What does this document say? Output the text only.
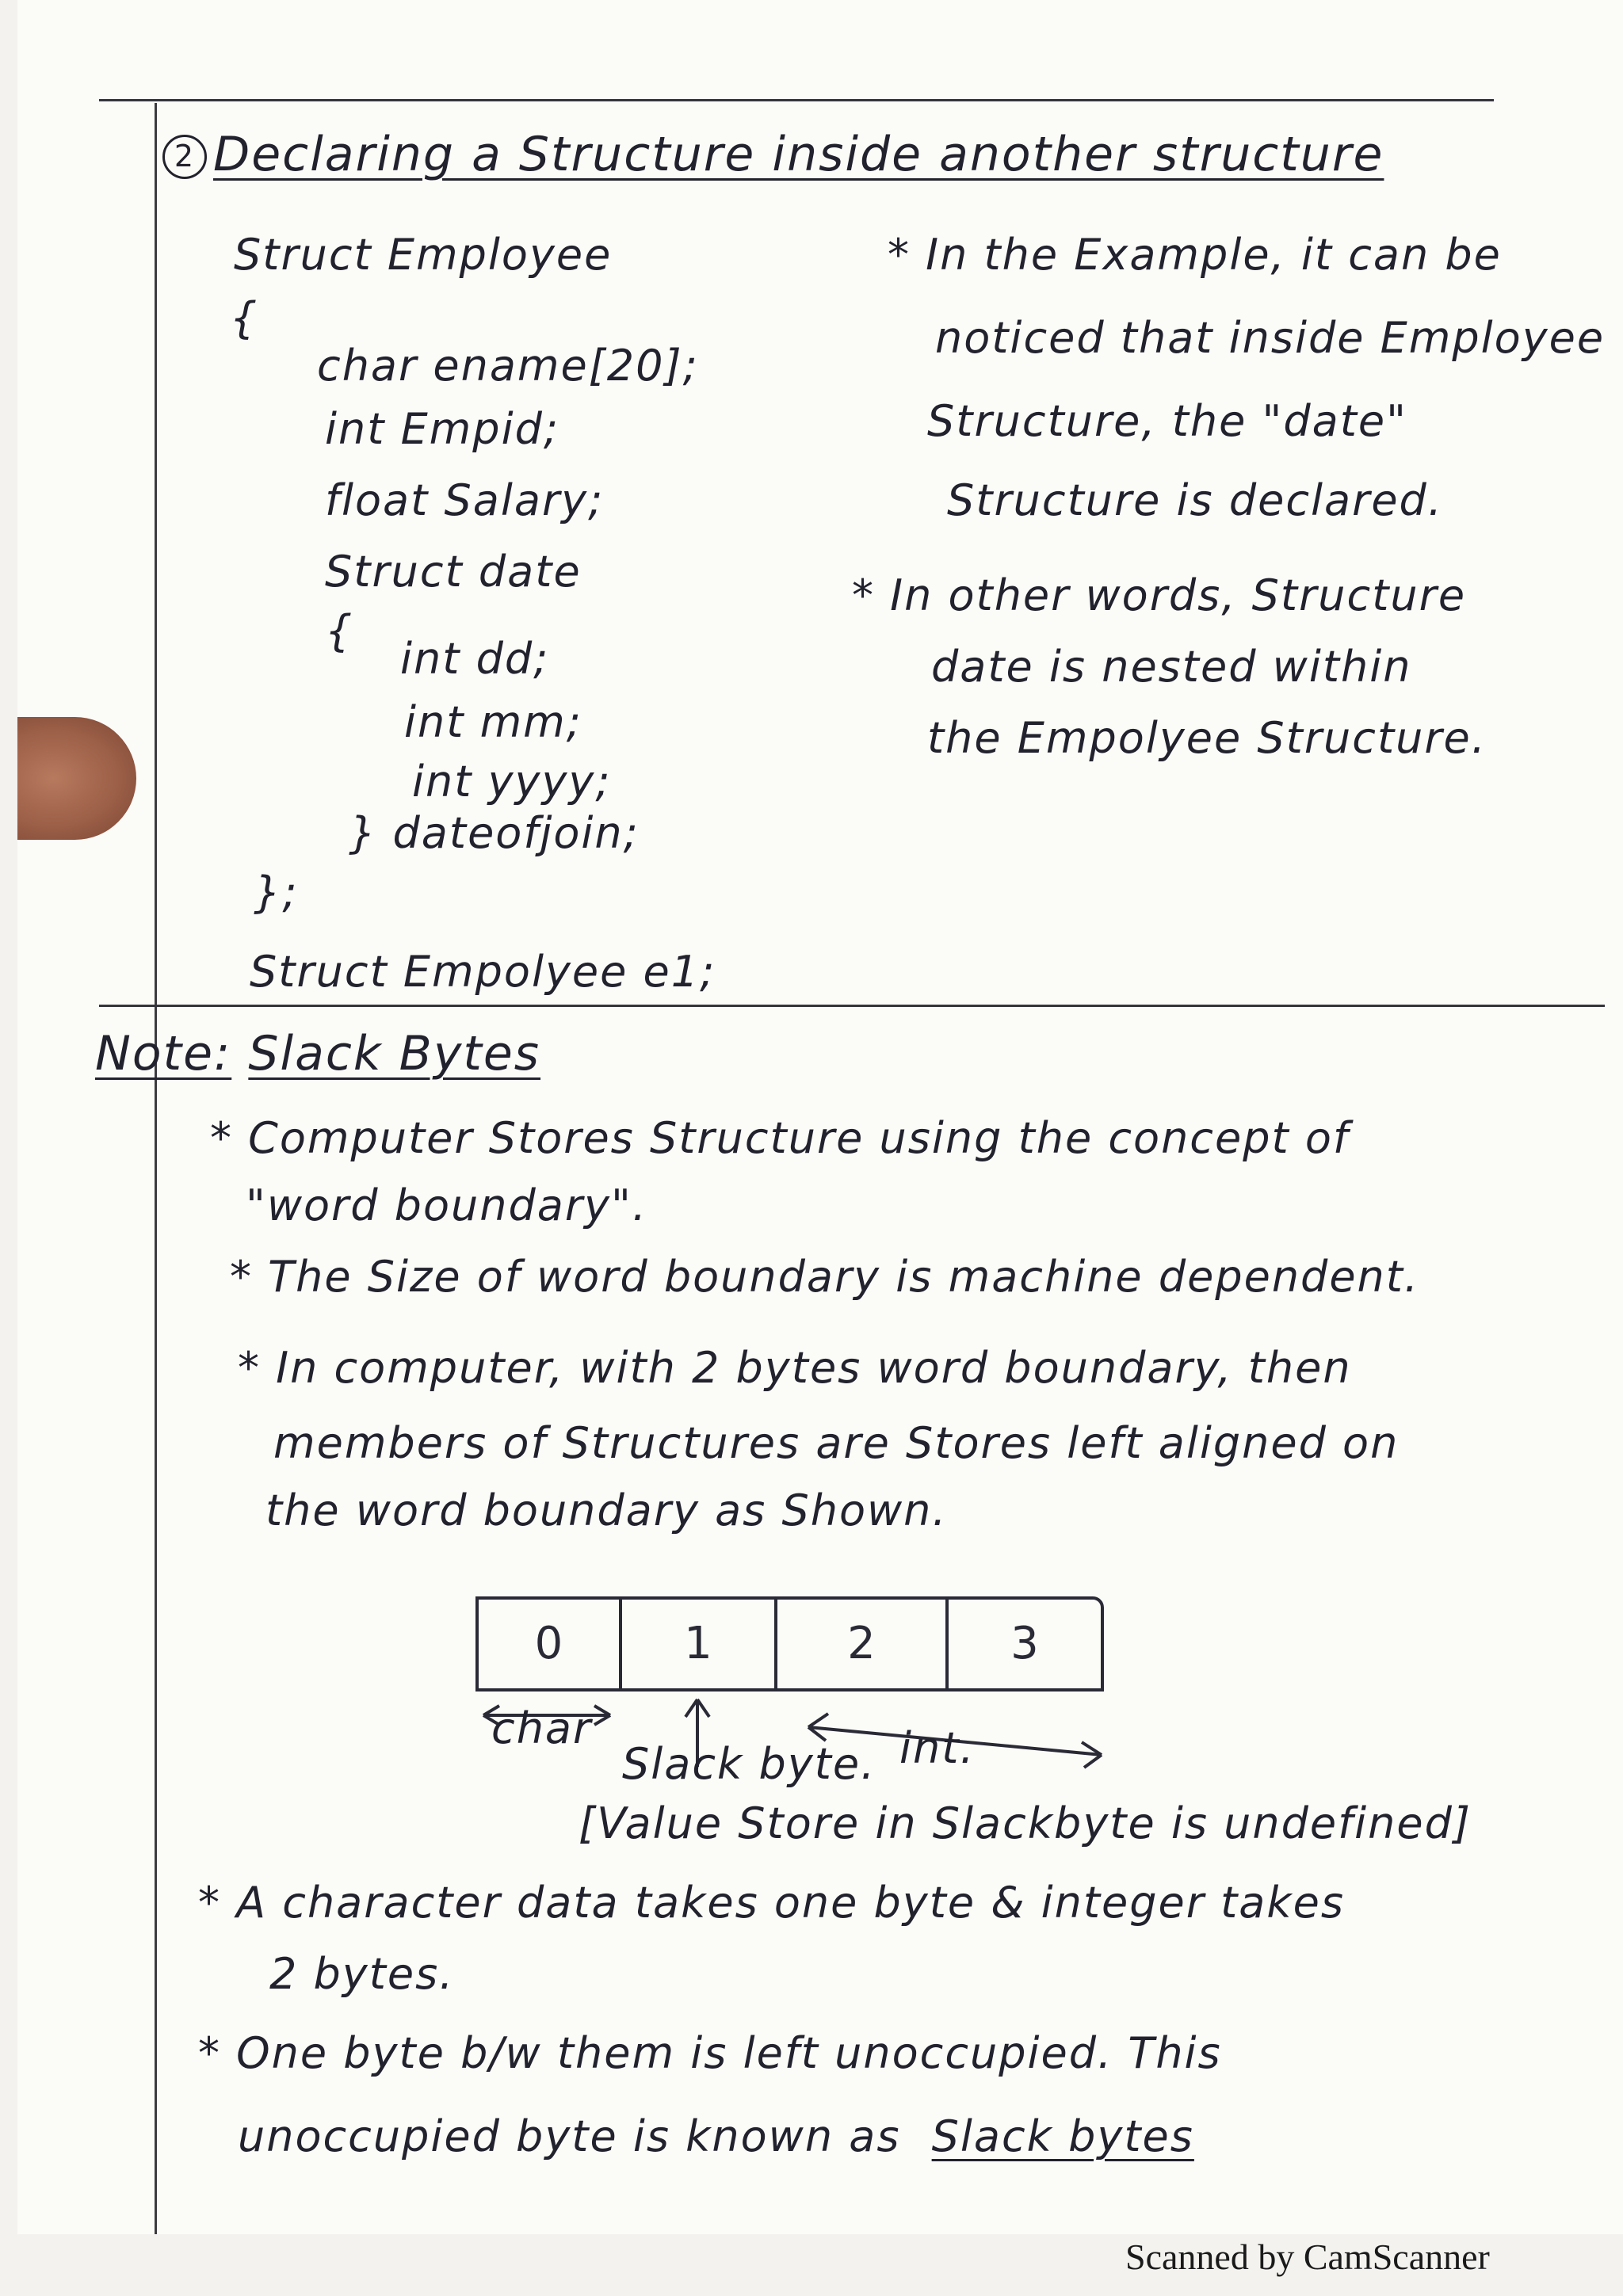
2 Declaring a Structure inside another structure
Struct Employee
{
char ename[20];
int Empid;
float Salary;
Struct date
{
int dd;
int mm;
int yyyy;
} dateofjoin;
};
Struct Empolyee e1;
* In the Example, it can be
noticed that inside Employee
Structure, the "date"
Structure is declared.
* In other words, Structure
date is nested within
the Empolyee Structure.
Note: Slack Bytes
* Computer Stores Structure using the concept of
"word boundary".
* The Size of word boundary is machine dependent.
* In computer, with 2 bytes word boundary, then
members of Structures are Stores left aligned on
the word boundary as Shown.
0	1	2	3
char
Slack byte. int.
[Value Store in Slackbyte is undefined]
* A character data takes one byte & integer takes
2 bytes.
* One byte b/w them is left unoccupied. This
unoccupied byte is known as Slack bytes
Scanned by CamScanner
